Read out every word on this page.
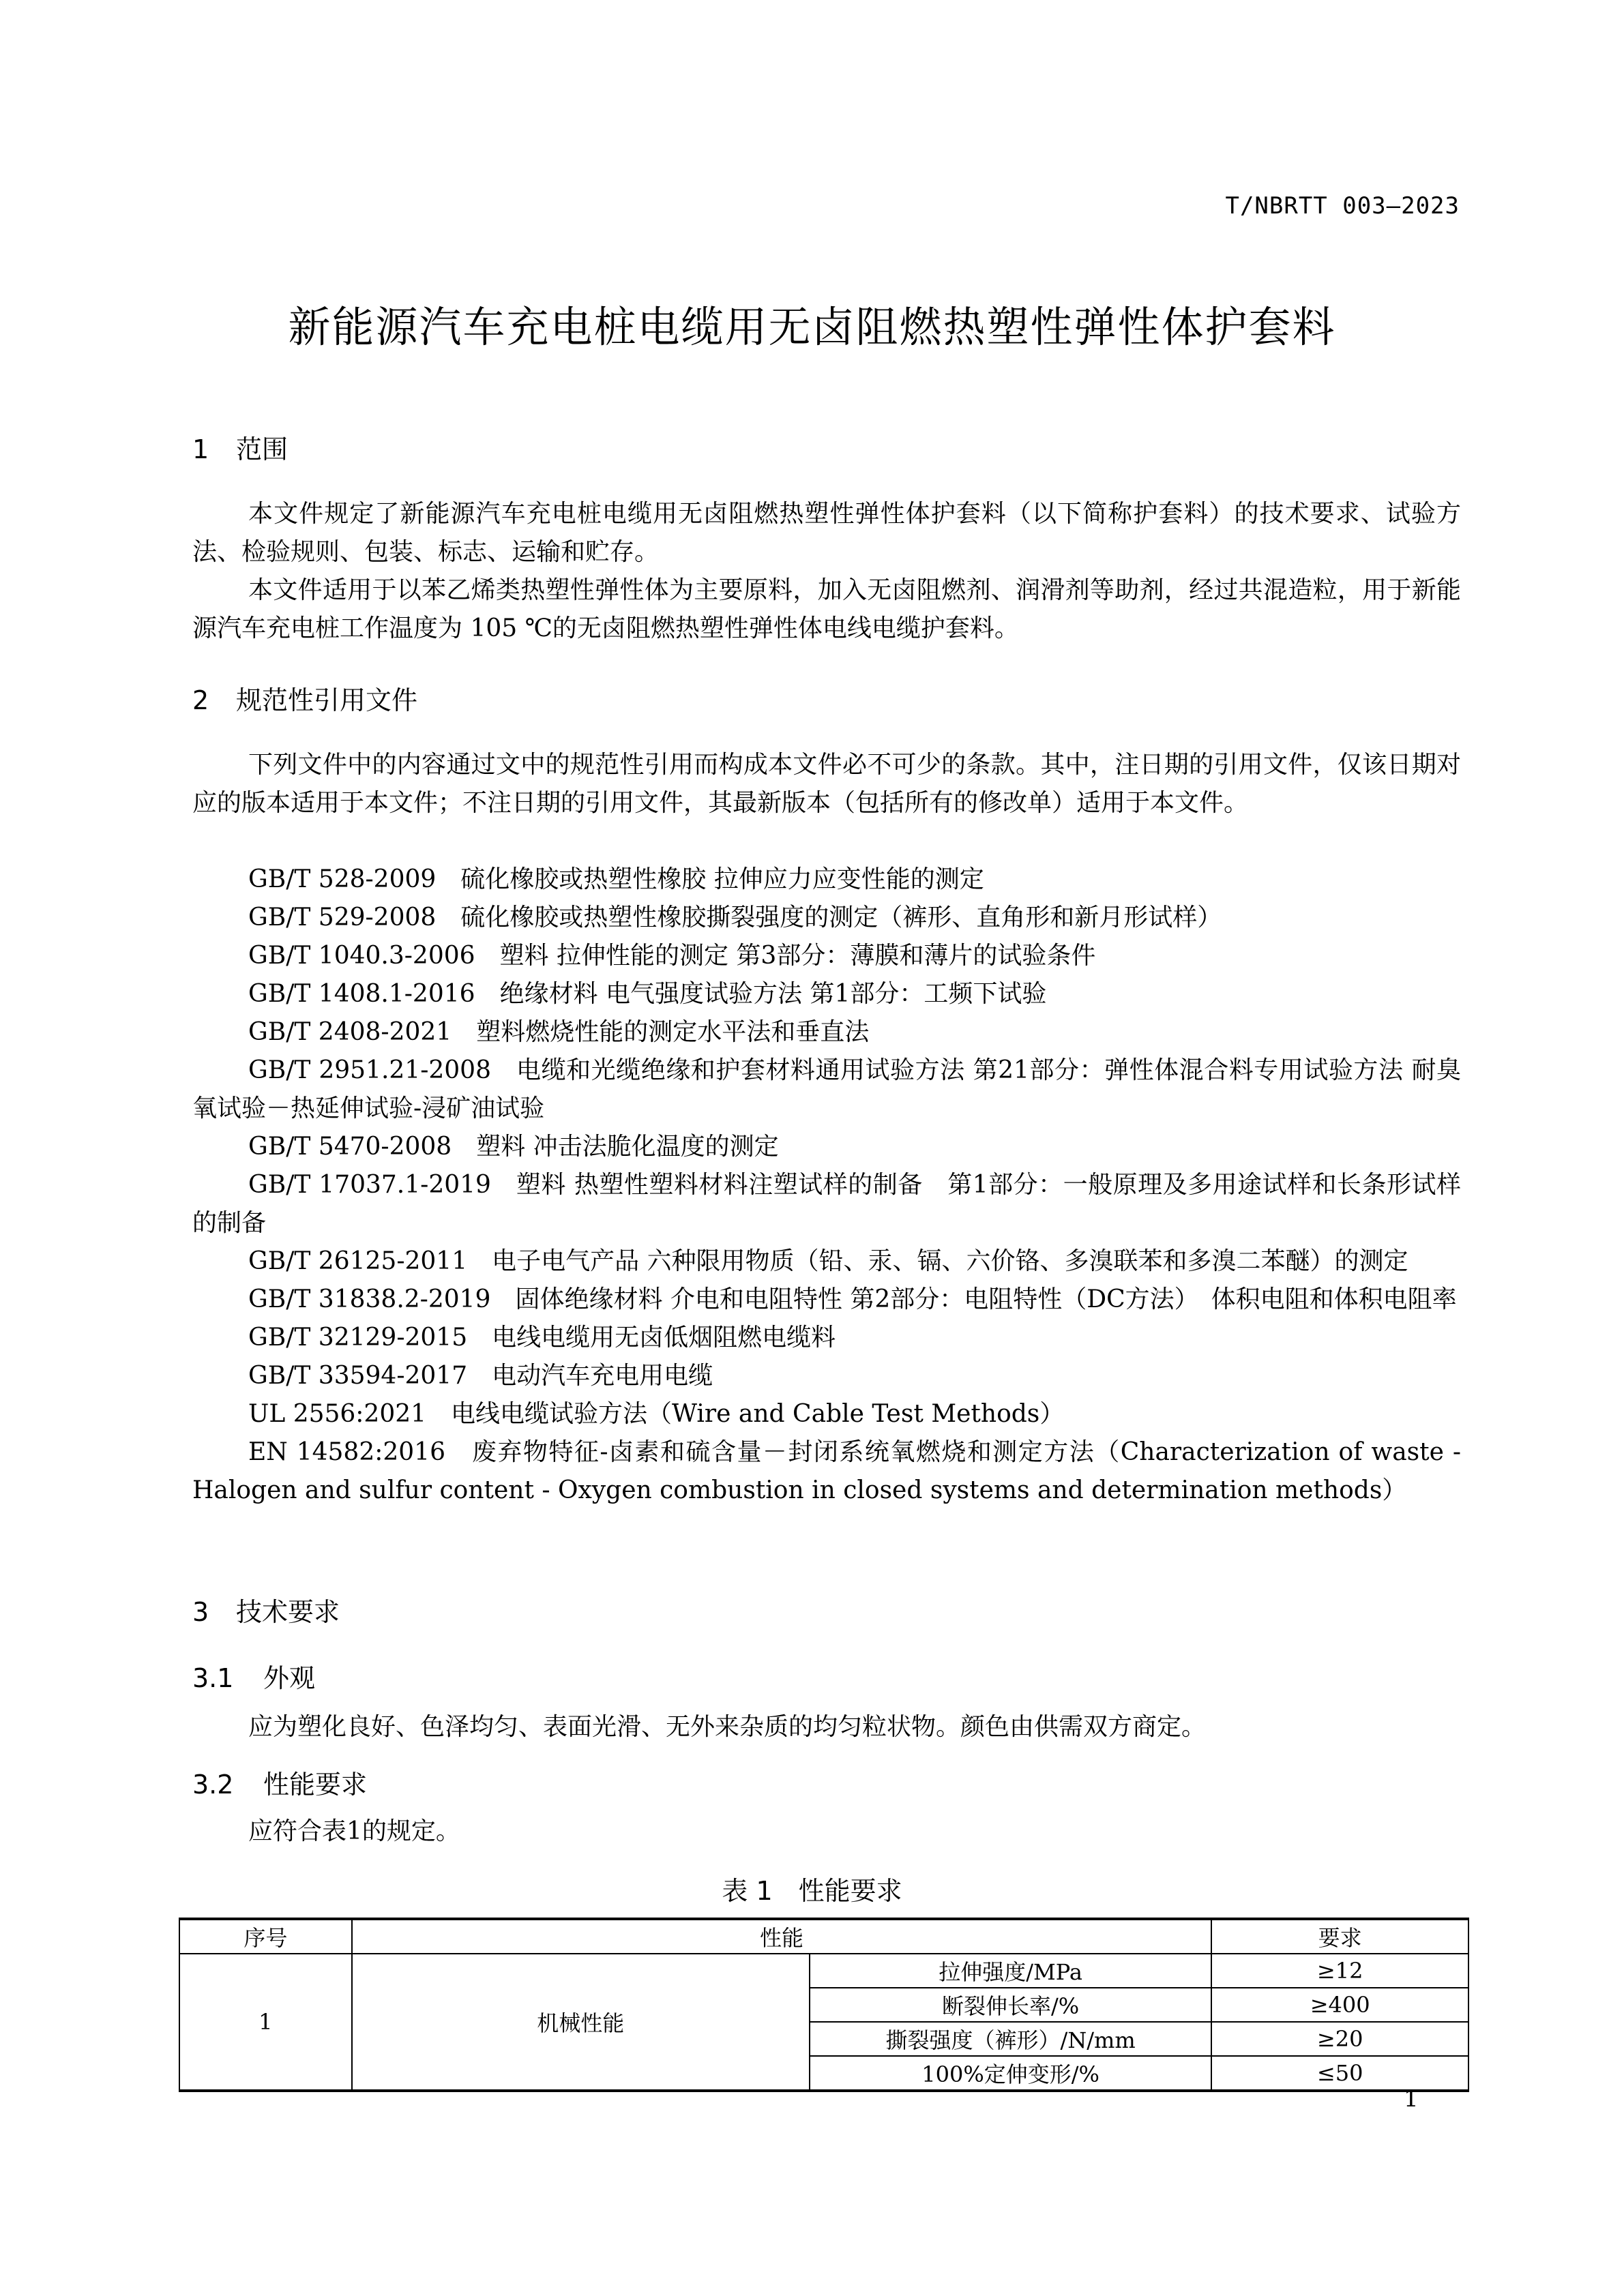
T/NBRTT 003—2023
新能源汽车充电桩电缆用无卤阻燃热塑性弹性体护套料
1 范围
本文件规定了新能源汽车充电桩电缆用无卤阻燃热塑性弹性体护套料（以下简称护套料）的技术要求、试验方法、检验规则、包装、标志、运输和贮存。
本文件适用于以苯乙烯类热塑性弹性体为主要原料，加入无卤阻燃剂、润滑剂等助剂，经过共混造粒，用于新能源汽车充电桩工作温度为 105 ℃的无卤阻燃热塑性弹性体电线电缆护套料。
2 规范性引用文件
下列文件中的内容通过文中的规范性引用而构成本文件必不可少的条款。其中，注日期的引用文件，仅该日期对应的版本适用于本文件；不注日期的引用文件，其最新版本（包括所有的修改单）适用于本文件。
GB/T 528-2009　硫化橡胶或热塑性橡胶 拉伸应力应变性能的测定
GB/T 529-2008　硫化橡胶或热塑性橡胶撕裂强度的测定（裤形、直角形和新月形试样）
GB/T 1040.3-2006　塑料 拉伸性能的测定 第3部分：薄膜和薄片的试验条件
GB/T 1408.1-2016　绝缘材料 电气强度试验方法 第1部分：工频下试验
GB/T 2408-2021　塑料燃烧性能的测定水平法和垂直法
GB/T 2951.21-2008　电缆和光缆绝缘和护套材料通用试验方法 第21部分：弹性体混合料专用试验方法 耐臭氧试验－热延伸试验-浸矿油试验
GB/T 5470-2008　塑料 冲击法脆化温度的测定
GB/T 17037.1-2019　塑料 热塑性塑料材料注塑试样的制备　第1部分：一般原理及多用途试样和长条形试样的制备
GB/T 26125-2011　电子电气产品 六种限用物质（铅、汞、镉、六价铬、多溴联苯和多溴二苯醚）的测定
GB/T 31838.2-2019　固体绝缘材料 介电和电阻特性 第2部分：电阻特性（DC方法）　体积电阻和体积电阻率
GB/T 32129-2015　电线电缆用无卤低烟阻燃电缆料
GB/T 33594-2017　电动汽车充电用电缆
UL 2556:2021　电线电缆试验方法（Wire and Cable Test Methods）
EN 14582:2016　废弃物特征-卤素和硫含量－封闭系统氧燃烧和测定方法（Characterization of waste - Halogen and sulfur content - Oxygen combustion in closed systems and determination methods）
3 技术要求
3.1 外观
应为塑化良好、色泽均匀、表面光滑、无外来杂质的均匀粒状物。颜色由供需双方商定。
3.2 性能要求
应符合表1的规定。
表 1　性能要求
序号	性能		要求
1	机械性能	拉伸强度/MPa	≥12
		断裂伸长率/%	≥400
		撕裂强度（裤形）/N/mm	≥20
		100%定伸变形/%	≤50
1
